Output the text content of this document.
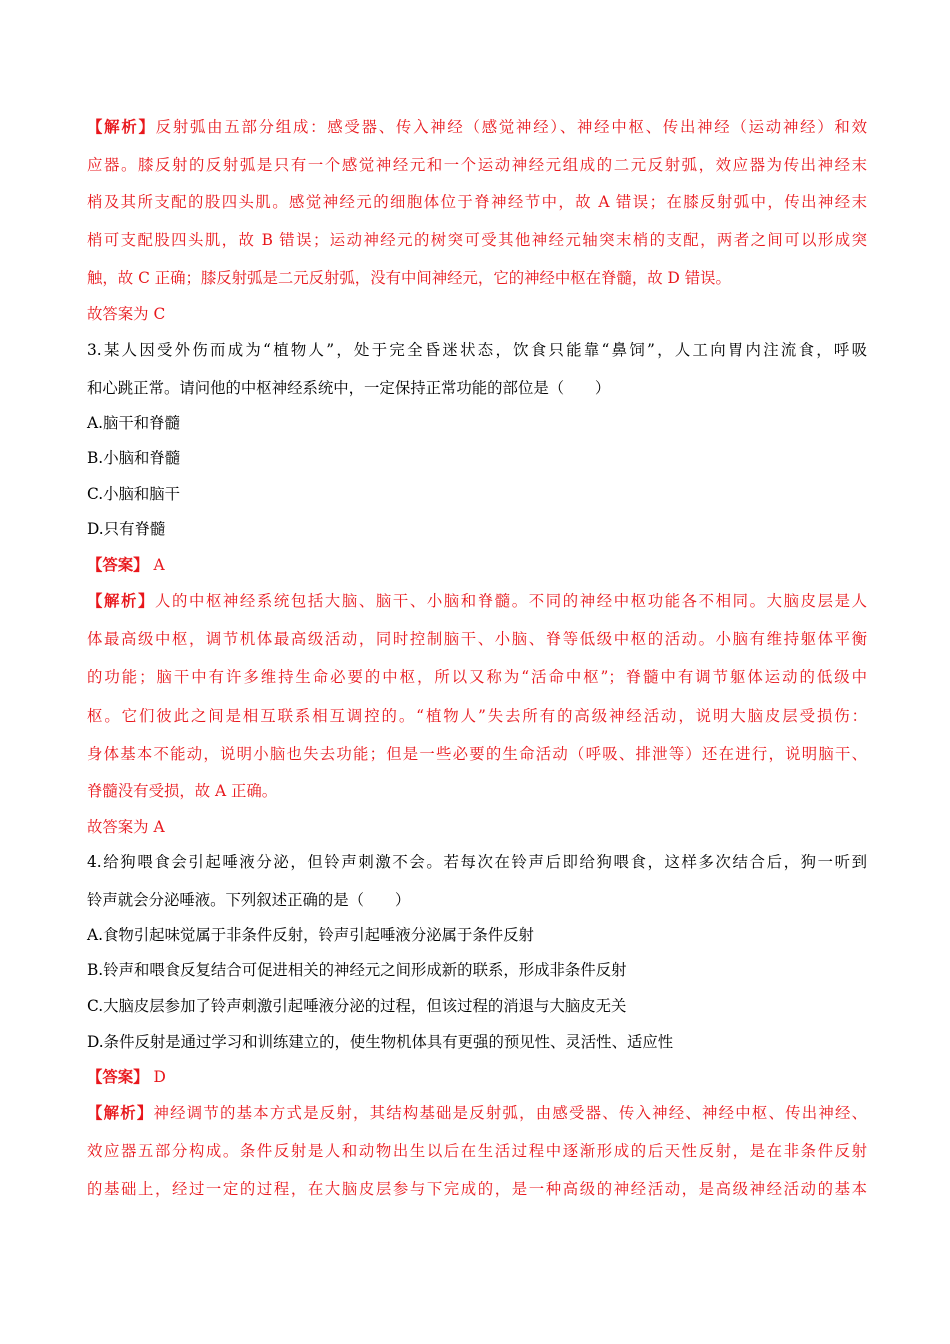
【解析】反射弧由五部分组成：感受器、传入神经（感觉神经）、神经中枢、传出神经（运动神经）和效
应器。膝反射的反射弧是只有一个感觉神经元和一个运动神经元组成的二元反射弧，效应器为传出神经末
梢及其所支配的股四头肌。感觉神经元的细胞体位于脊神经节中，故 A 错误；在膝反射弧中，传出神经末
梢可支配股四头肌，故 B 错误；运动神经元的树突可受其他神经元轴突末梢的支配，两者之间可以形成突
触，故 C 正确；膝反射弧是二元反射弧，没有中间神经元，它的神经中枢在脊髓，故 D 错误。
故答案为 C
3.某人因受外伤而成为“植物人”，处于完全昏迷状态，饮食只能靠“鼻饲”，人工向胃内注流食，呼吸
和心跳正常。请问他的中枢神经系统中，一定保持正常功能的部位是（　　）
A.脑干和脊髓
B.小脑和脊髓
C.小脑和脑干
D.只有脊髓
【答案】 A
【解析】人的中枢神经系统包括大脑、脑干、小脑和脊髓。不同的神经中枢功能各不相同。大脑皮层是人
体最高级中枢，调节机体最高级活动，同时控制脑干、小脑、脊等低级中枢的活动。小脑有维持躯体平衡
的功能；脑干中有许多维持生命必要的中枢，所以又称为“活命中枢”；脊髓中有调节躯体运动的低级中
枢。它们彼此之间是相互联系相互调控的。“植物人”失去所有的高级神经活动，说明大脑皮层受损伤：
身体基本不能动，说明小脑也失去功能；但是一些必要的生命活动（呼吸、排泄等）还在进行，说明脑干、
脊髓没有受损，故 A 正确。
故答案为 A
4.给狗喂食会引起唾液分泌，但铃声刺激不会。若每次在铃声后即给狗喂食，这样多次结合后，狗一听到
铃声就会分泌唾液。下列叙述正确的是（　　）
A.食物引起味觉属于非条件反射，铃声引起唾液分泌属于条件反射
B.铃声和喂食反复结合可促进相关的神经元之间形成新的联系，形成非条件反射
C.大脑皮层参加了铃声刺激引起唾液分泌的过程，但该过程的消退与大脑皮无关
D.条件反射是通过学习和训练建立的，使生物机体具有更强的预见性、灵活性、适应性
【答案】 D
【解析】神经调节的基本方式是反射，其结构基础是反射弧，由感受器、传入神经、神经中枢、传出神经、
效应器五部分构成。条件反射是人和动物出生以后在生活过程中逐渐形成的后天性反射，是在非条件反射
的基础上，经过一定的过程，在大脑皮层参与下完成的，是一种高级的神经活动，是高级神经活动的基本
